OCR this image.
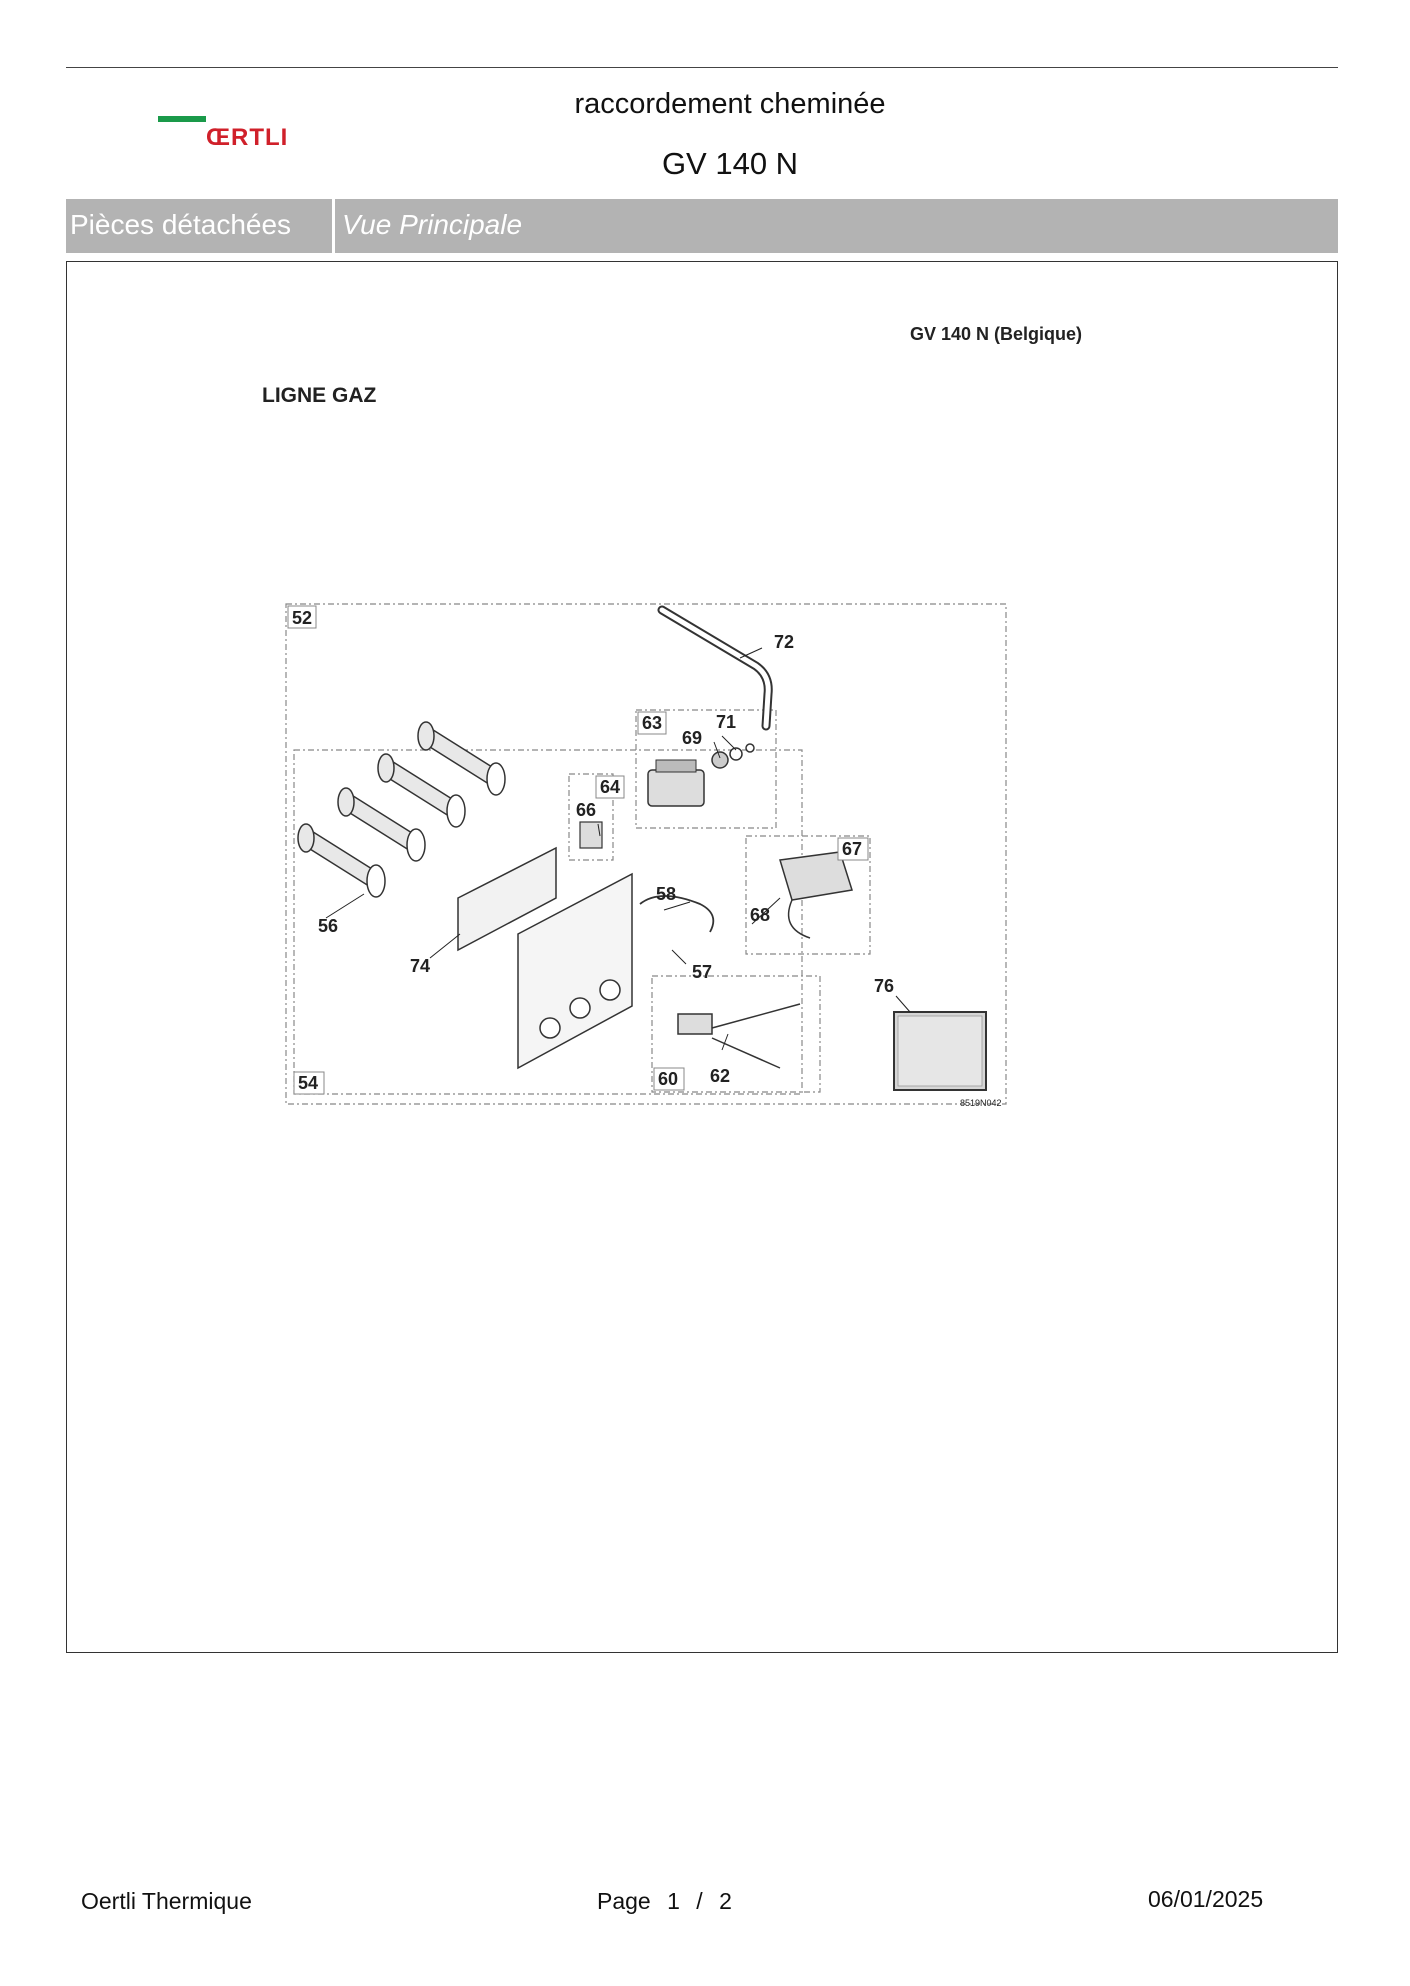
ŒRTLI
raccordement cheminée
GV 140 N
Pièces détachées Vue Principale
GV 140 N (Belgique)
LIGNE GAZ
52
72
63
69
71
64
66
67
68
58
56
74	57
76
54	60 62
8519N042
Oertli Thermique	Page 1 / 2	06/01/2025
